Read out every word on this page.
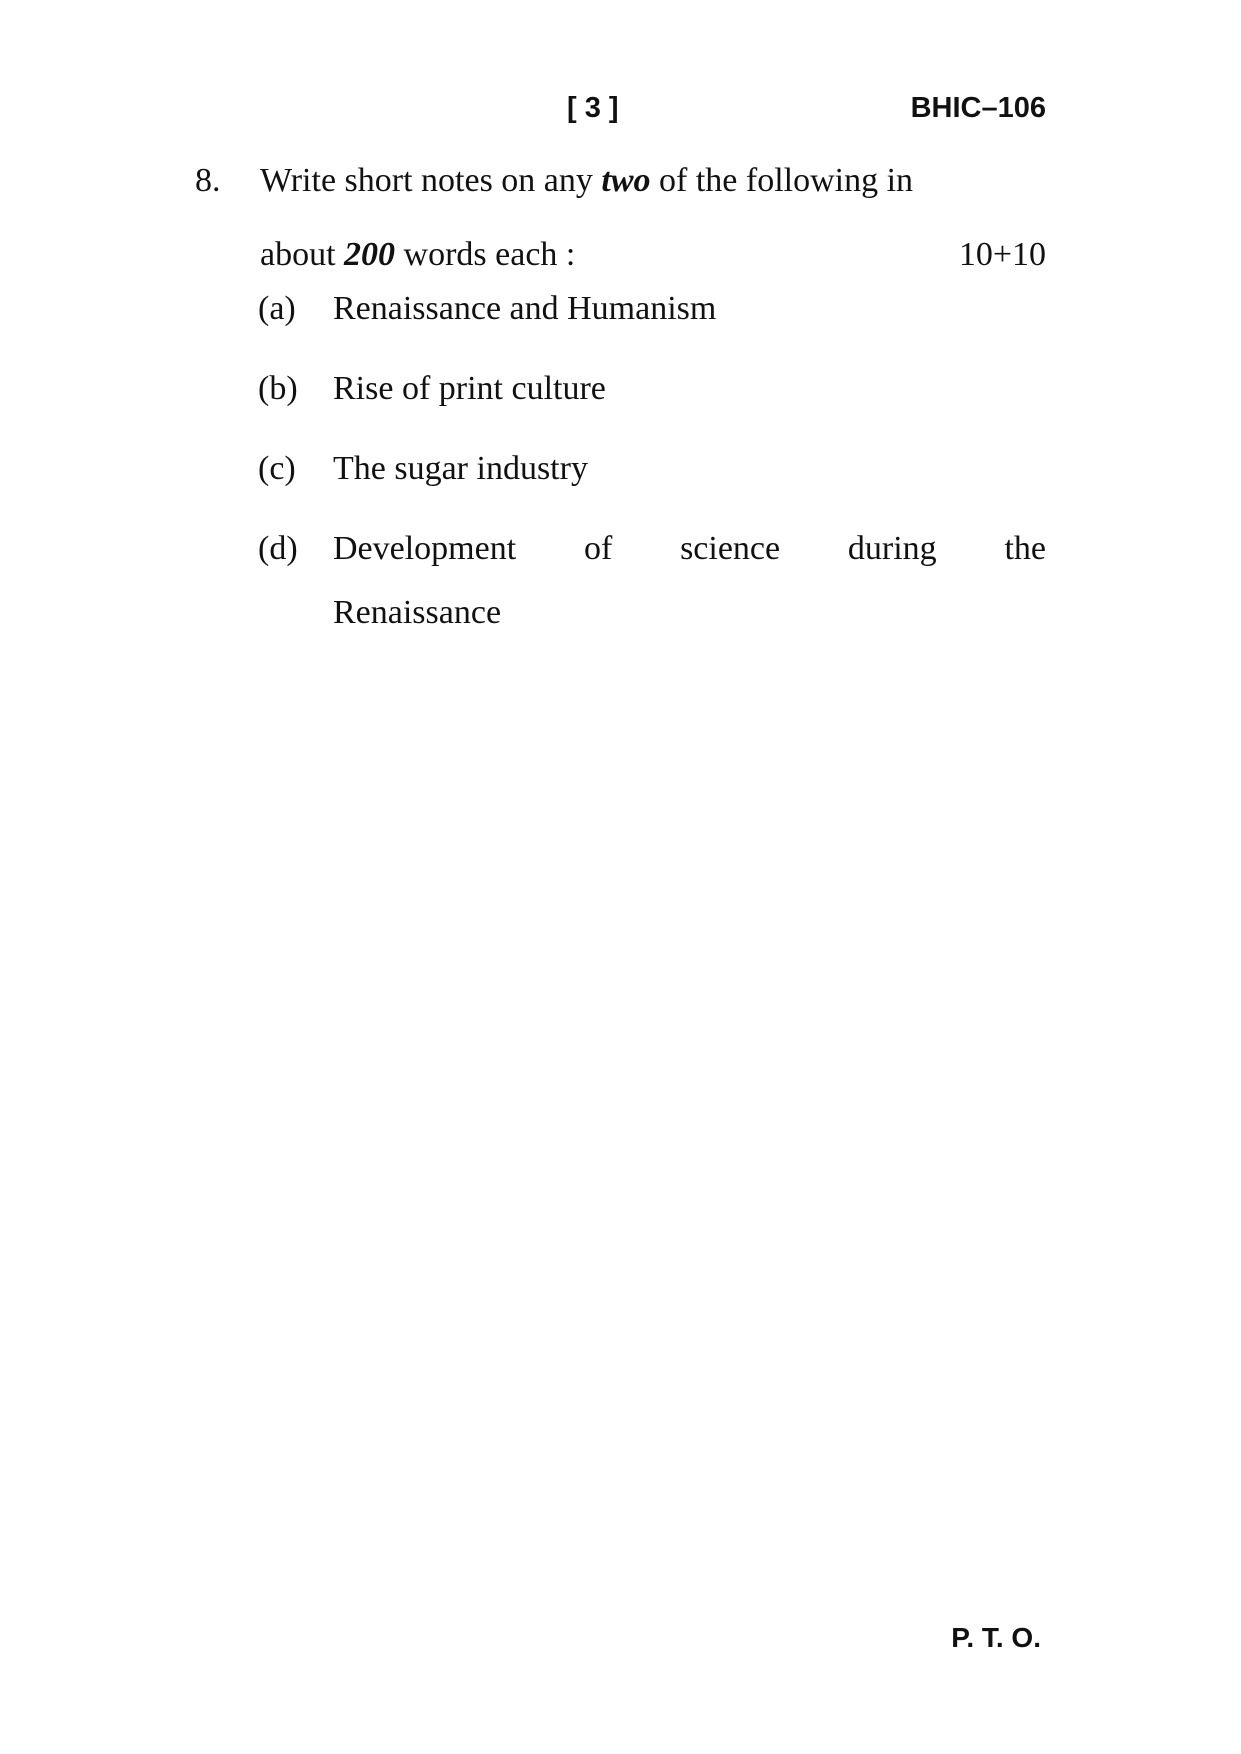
[ 3 ]	BHIC–106
8. Write short notes on any two of the following in
about 200 words each :	10+10
(a) Renaissance and Humanism
(b) Rise of print culture
(c) The sugar industry
(d) Development of science during the
Renaissance
P. T. O.
